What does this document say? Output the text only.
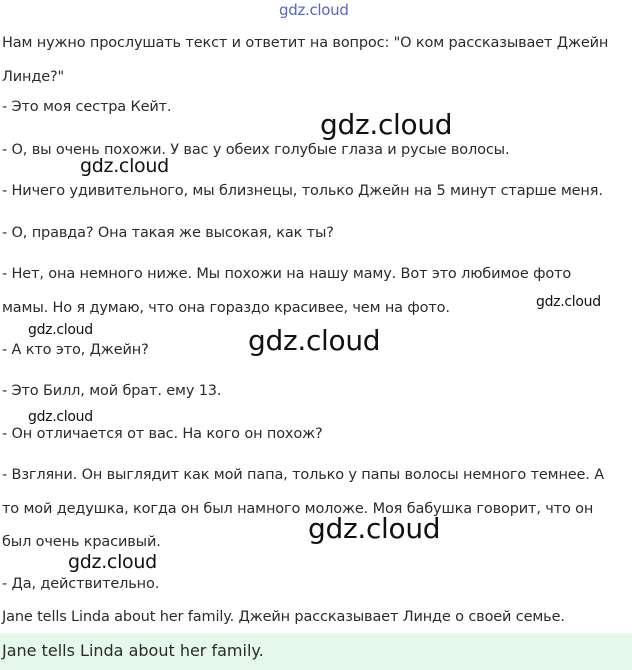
gdz.cloud
Нам нужно прослушать текст и ответит на вопрос: "О ком рассказывает Джейн
Линде?"
- Это моя сестра Кейт.
- О, вы очень похожи. У вас у обеих голубые глаза и русые волосы.
- Ничего удивительного, мы близнецы, только Джейн на 5 минут старше меня.
- О, правда? Она такая же высокая, как ты?
- Нет, она немного ниже. Мы похожи на нашу маму. Вот это любимое фото
мамы. Но я думаю, что она гораздо красивее, чем на фото.
- А кто это, Джейн?
- Это Билл, мой брат. ему 13.
- Он отличается от вас. На кого он похож?
- Взгляни. Он выглядит как мой папа, только у папы волосы немного темнее. А
то мой дедушка, когда он был намного моложе. Моя бабушка говорит, что он
был очень красивый.
- Да, действительно.
Jane tells Linda about her family. Джейн рассказывает Линде о своей семье.
Jane tells Linda about her family.
gdz.cloud
gdz.cloud
gdz.cloud
gdz.cloud	gdz.cloud
gdz.cloud
gdz.cloud
gdz.cloud
